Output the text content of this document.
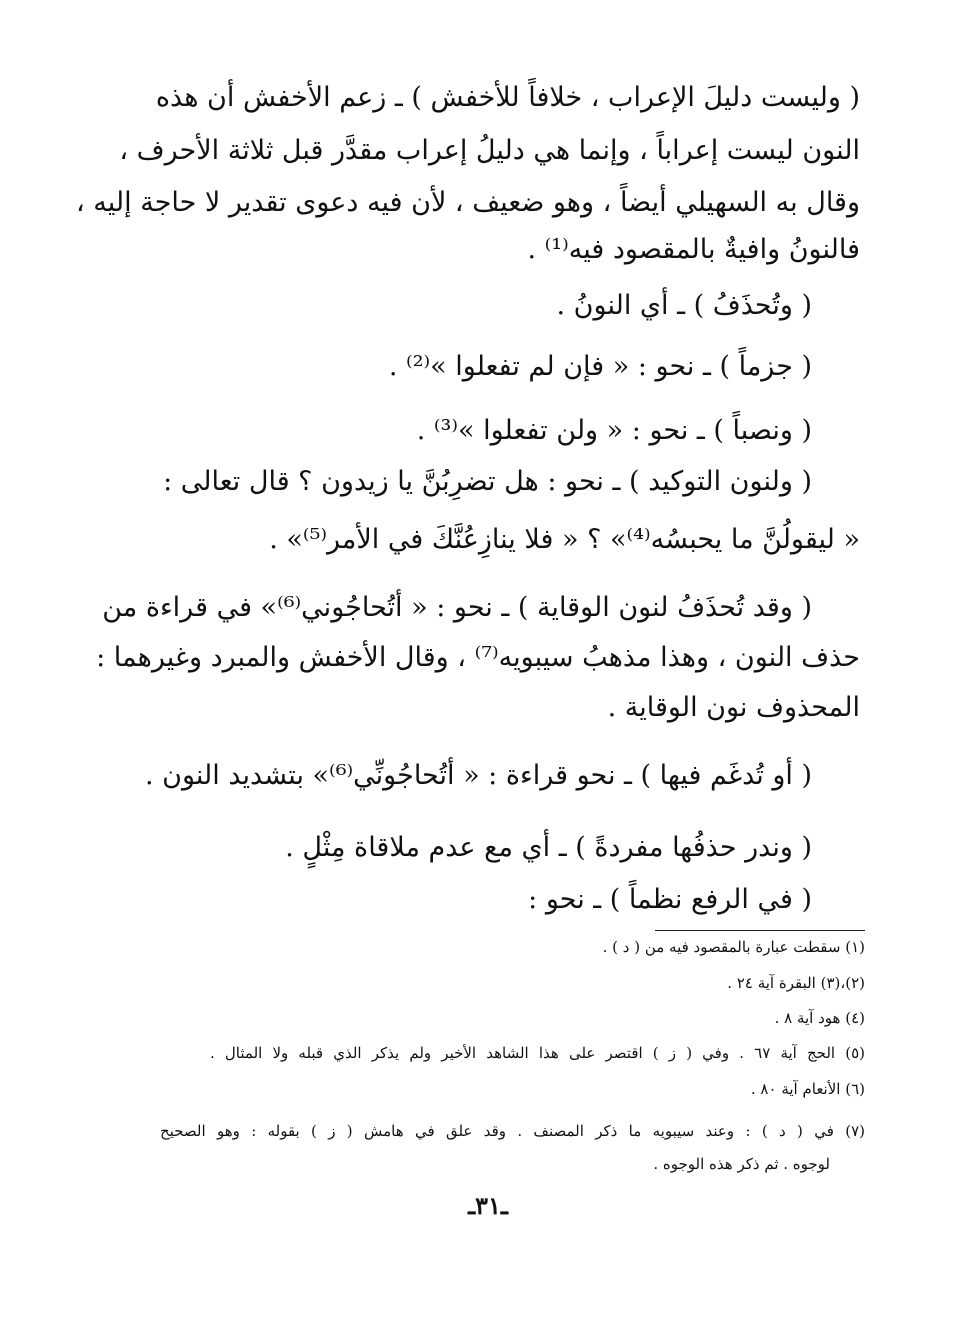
( وليست دليلَ الإعراب ، خلافاً للأخفش ) ـ زعم الأخفش أن هذه
النون ليست إعراباً ، وإنما هي دليلُ إعراب مقدَّر قبل ثلاثة الأحرف ،
وقال به السهيلي أيضاً ، وهو ضعيف ، لأن فيه دعوى تقدير لا حاجة إليه ،
فالنونُ وافيةٌ بالمقصود فيه⁽¹⁾ .
( وتُحذَفُ ) ـ أي النونُ .
( جزماً ) ـ نحو : « فإن لم تفعلوا »⁽²⁾ .
( ونصباً ) ـ نحو : « ولن تفعلوا »⁽³⁾ .
( ولنون التوكيد ) ـ نحو : هل تضرِبُنَّ يا زيدون ؟ قال تعالى :
« ليقولُنَّ ما يحبسُه⁽⁴⁾» ؟ « فلا ينازِعُنَّكَ في الأمر⁽⁵⁾» .
( وقد تُحذَفُ لنون الوقاية ) ـ نحو : « أتُحاجُوني⁽⁶⁾» في قراءة من
حذف النون ، وهذا مذهبُ سيبويه⁽⁷⁾ ، وقال الأخفش والمبرد وغيرهما :
المحذوف نون الوقاية .
( أو تُدغَم فيها ) ـ نحو قراءة : « أتُحاجُونِّي⁽⁶⁾» بتشديد النون .
( وندر حذفُها مفردةً ) ـ أي مع عدم ملاقاة مِثْلٍ .
( في الرفع نظماً ) ـ نحو :
(١) سقطت عبارة بالمقصود فيه من ( د ) .
(٢)،(٣) البقرة آية ٢٤ .
(٤) هود آية ٨ .
(٥) الحج آية ٦٧ . وفي ( ز ) اقتصر على هذا الشاهد الأخير ولم يذكر الذي قبله ولا المثال .
(٦) الأنعام آية ٨٠ .
(٧) في ( د ) : وعند سيبويه ما ذكر المصنف . وقد علق في هامش ( ز ) بقوله : وهو الصحيح
لوجوه . ثم ذكر هذه الوجوه .
ـ٣١ـ
